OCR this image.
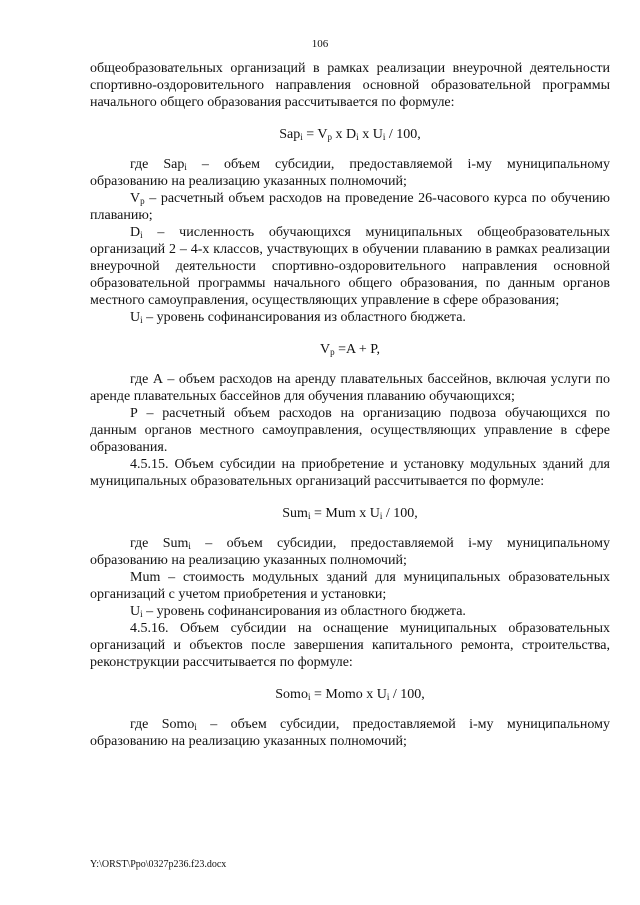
106

общеобразовательных организаций в рамках реализации внеурочной деятельности спортивно-оздоровительного направления основной образовательной программы начального общего образования рассчитывается по формуле:

$Sap_i = V_p$ x $D_i$ x $U_i / 100$,

где Sap$_i$ – объем субсидии, предоставляемой i-му муниципальному образованию на реализацию указанных полномочий;

$V_p$ – расчетный объем расходов на проведение 26-часового курса по обучению плаванию;

$D_i$ – численность обучающихся муниципальных общеобразовательных организаций 2 – 4-х классов, участвующих в обучении плаванию в рамках реализации внеурочной деятельности спортивно-оздоровительного направления основной образовательной программы начального общего образования, по данным органов местного самоуправления, осуществляющих управление в сфере образования;

$U_i$ – уровень софинансирования из областного бюджета.

$V_p =A + P$,

где А – объем расходов на аренду плавательных бассейнов, включая услуги по аренде плавательных бассейнов для обучения плаванию обучающихся;

Р – расчетный объем расходов на организацию подвоза обучающихся по данным органов местного самоуправления, осуществляющих управление в сфере образования.

4.5.15. Объем субсидии на приобретение и установку модульных зданий для муниципальных образовательных организаций рассчитывается по формуле:

Sum$_i$ = Mum x $U_i / 100$,

где Sum$_i$ – объем субсидии, предоставляемой i-му муниципальному образованию на реализацию указанных полномочий;

Mum – стоимость модульных зданий для муниципальных образовательных организаций с учетом приобретения и установки;

$U_i$ – уровень софинансирования из областного бюджета.

4.5.16. Объем субсидии на оснащение муниципальных образовательных организаций и объектов после завершения капитального ремонта, строительства, реконструкции рассчитывается по формуле:

Somo$_i$ = Momo x $U_i / 100$,

где Somo$_i$ – объем субсидии, предоставляемой i-му муниципальному образованию на реализацию указанных полномочий;

Y:\ORST\Ppo\0327p236.f23.docx
